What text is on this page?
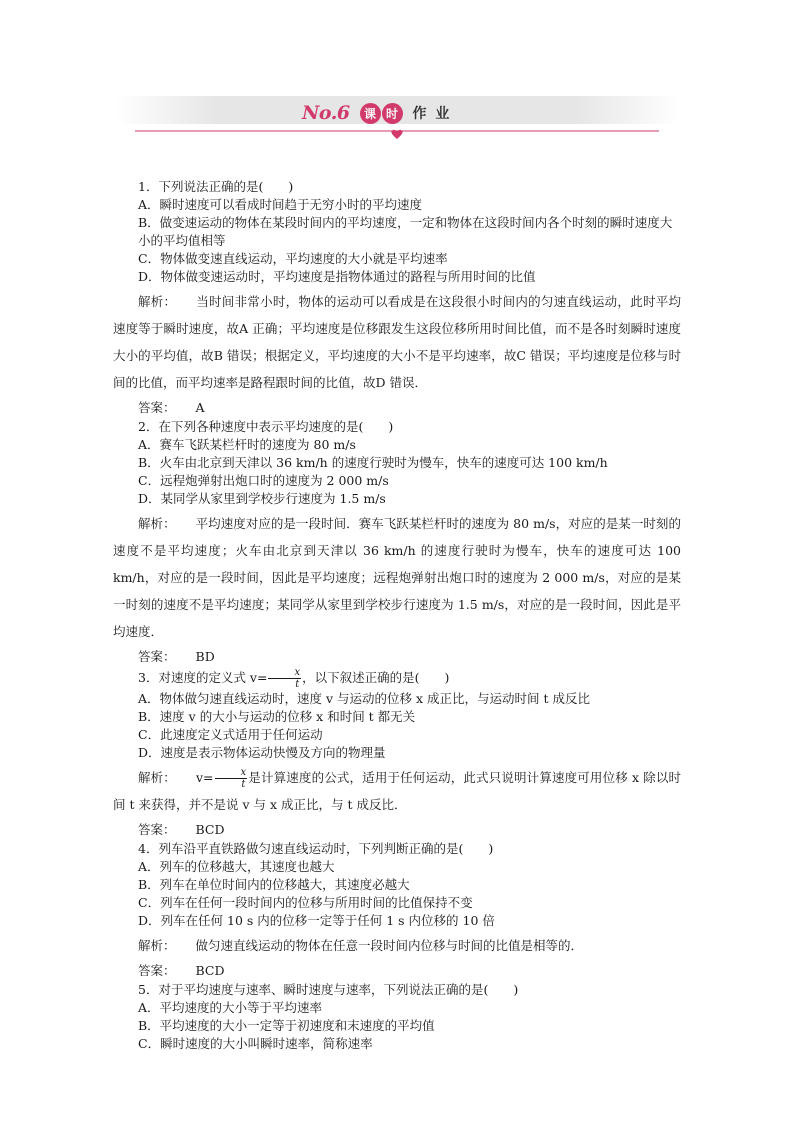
No.6	课 时	作 业

1．下列说法正确的是(　　)

A．瞬时速度可以看成时间趋于无穷小时的平均速度

B．做变速运动的物体在某段时间内的平均速度，一定和物体在这段时间内各个时刻的瞬时速度大小的平均值相等

C．物体做变速直线运动，平均速度的大小就是平均速率

D．物体做变速运动时，平均速度是指物体通过的路程与所用时间的比值

解析： 当时间非常小时，物体的运动可以看成是在这段很小时间内的匀速直线运动，此时平均速度等于瞬时速度，故A 正确；平均速度是位移跟发生这段位移所用时间比值，而不是各时刻瞬时速度大小的平均值，故B 错误；根据定义，平均速度的大小不是平均速率，故C 错误；平均速度是位移与时间的比值，而平均速率是路程跟时间的比值，故D 错误．

答案： A

2．在下列各种速度中表示平均速度的是(　　)

A．赛车飞跃某栏杆时的速度为 80 m/s

B．火车由北京到天津以 36 km/h 的速度行驶时为慢车，快车的速度可达 100 km/h

C．远程炮弹射出炮口时的速度为 2 000 m/s

D．某同学从家里到学校步行速度为 1.5 m/s

解析： 平均速度对应的是一段时间．赛车飞跃某栏杆时的速度为 80 m/s，对应的是某一时刻的速度不是平均速度；火车由北京到天津以 36 km/h 的速度行驶时为慢车，快车的速度可达 100 km/h，对应的是一段时间，因此是平均速度；远程炮弹射出炮口时的速度为 2 000 m/s，对应的是某一时刻的速度不是平均速度；某同学从家里到学校步行速度为 1.5 m/s，对应的是一段时间，因此是平均速度．

答案： BD

3．对速度的定义式 $v= \frac{x}{t}$ ，以下叙述正确的是(　　)

A．物体做匀速直线运动时，速度 v 与运动的位移 x 成正比，与运动时间 t 成反比

B．速度 v 的大小与运动的位移 x 和时间 t 都无关

C．此速度定义式适用于任何运动

D．速度是表示物体运动快慢及方向的物理量

解析： $v= \frac{x}{t}$ 是计算速度的公式，适用于任何运动，此式只说明计算速度可用位移 x 除以时间 t 来获得，并不是说 v 与 x 成正比，与 t 成反比．

答案： BCD

4．列车沿平直铁路做匀速直线运动时，下列判断正确的是(　　)

A．列车的位移越大，其速度也越大

B．列车在单位时间内的位移越大，其速度必越大

C．列车在任何一段时间内的位移与所用时间的比值保持不变

D．列车在任何 10 s 内的位移一定等于任何 1 s 内位移的 10 倍

解析： 做匀速直线运动的物体在任意一段时间内位移与时间的比值是相等的．

答案： BCD

5．对于平均速度与速率、瞬时速度与速率，下列说法正确的是(　　)

A．平均速度的大小等于平均速率

B．平均速度的大小一定等于初速度和末速度的平均值

C．瞬时速度的大小叫瞬时速率，简称速率
